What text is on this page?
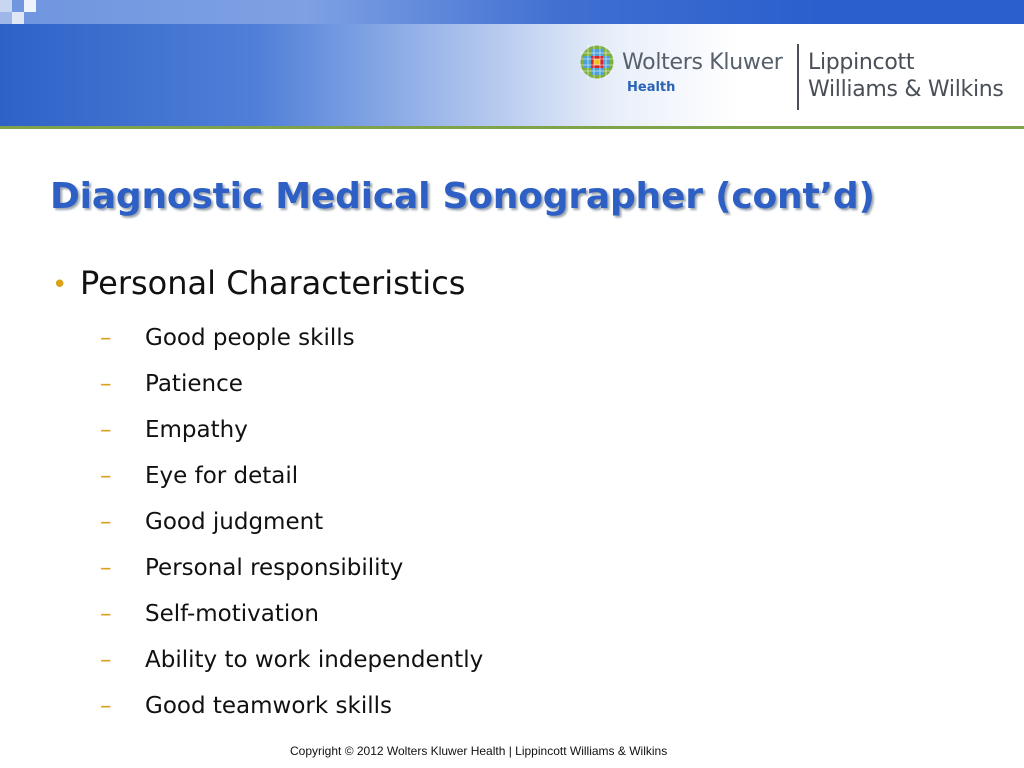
Wolters Kluwer
Health
Lippincott
Williams & Wilkins
Diagnostic Medical Sonographer (cont’d)
• Personal Characteristics
– Good people skills
– Patience
– Empathy
– Eye for detail
– Good judgment
– Personal responsibility
– Self-motivation
– Ability to work independently
– Good teamwork skills
Copyright © 2012 Wolters Kluwer Health | Lippincott Williams & Wilkins
